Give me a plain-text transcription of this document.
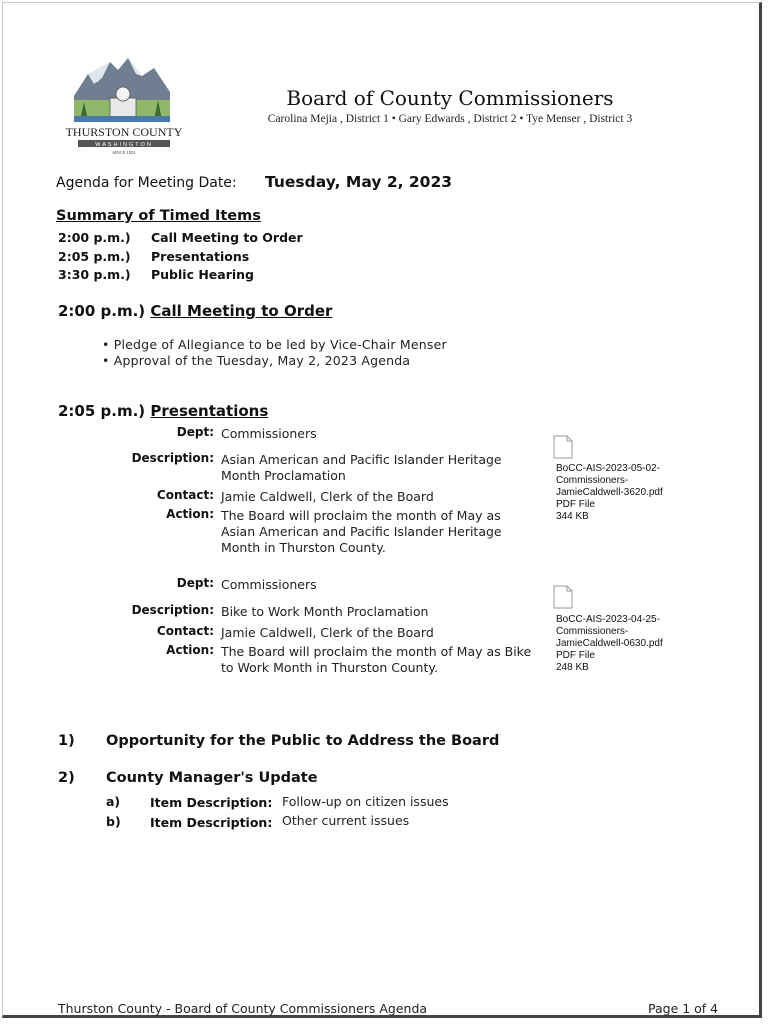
THURSTON COUNTY
WASHINGTON
SINCE 1852
Board of County Commissioners
Carolina Mejia , District 1 • Gary Edwards , District 2 • Tye Menser , District 3
Agenda for Meeting Date: Tuesday, May 2, 2023
Summary of Timed Items
2:00 p.m.) Call Meeting to Order
2:05 p.m.) Presentations
3:30 p.m.) Public Hearing
2:00 p.m.) Call Meeting to Order
• Pledge of Allegiance to be led by Vice-Chair Menser
• Approval of the Tuesday, May 2, 2023 Agenda
2:05 p.m.) Presentations
Dept: Commissioners
Description: Asian American and Pacific Islander Heritage Month Proclamation
Contact: Jamie Caldwell, Clerk of the Board
Action: The Board will proclaim the month of May as Asian American and Pacific Islander Heritage Month in Thurston County.
BoCC-AIS-2023-05-02-
Commissioners-
JamieCaldwell-3620.pdf
PDF File
344 KB
Dept: Commissioners
Description: Bike to Work Month Proclamation
Contact: Jamie Caldwell, Clerk of the Board
Action: The Board will proclaim the month of May as Bike to Work Month in Thurston County.
BoCC-AIS-2023-04-25-
Commissioners-
JamieCaldwell-0630.pdf
PDF File
248 KB
1) Opportunity for the Public to Address the Board
2) County Manager's Update
a) Item Description: Follow-up on citizen issues
b) Item Description: Other current issues
Thurston County - Board of County Commissioners Agenda	Page 1 of 4
